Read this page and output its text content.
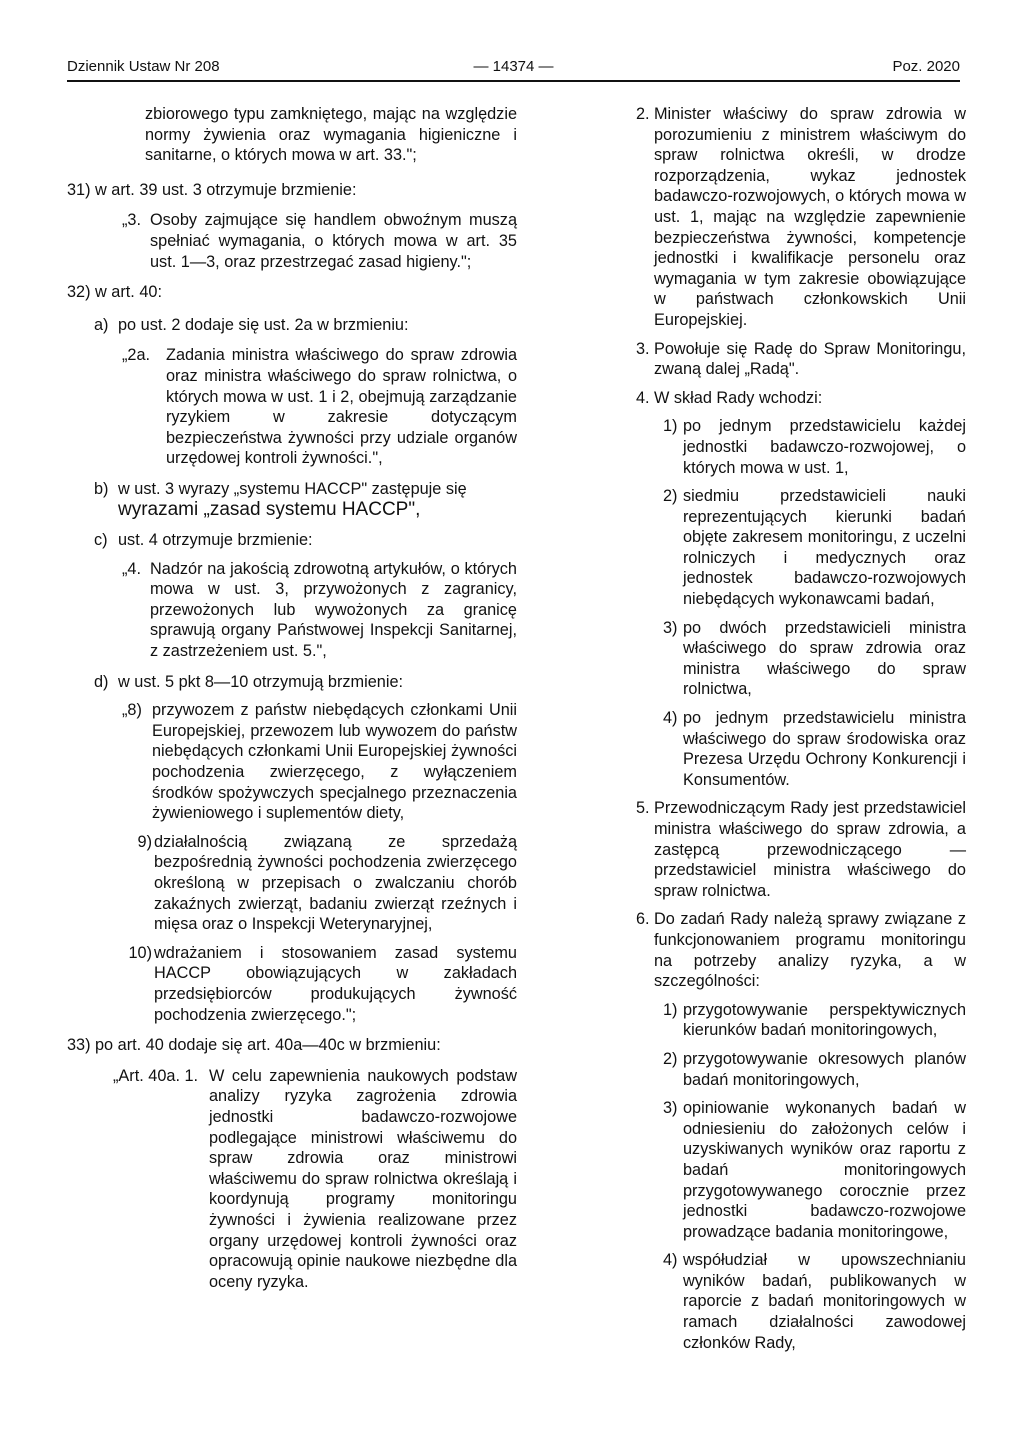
Dziennik Ustaw Nr 208	— 14374 —	Poz. 2020

zbiorowego typu zamkniętego, mając na względzie normy żywienia oraz wymagania higieniczne i sanitarne, o których mowa w art. 33.";

31) w art. 39 ust. 3 otrzymuje brzmienie:
„3. Osoby zajmujące się handlem obwoźnym muszą spełniać wymagania, o których mowa w art. 35 ust. 1—3, oraz przestrzegać zasad higieny.";
32) w art. 40:
a) po ust. 2 dodaje się ust. 2a w brzmieniu:
„2a. Zadania ministra właściwego do spraw zdrowia oraz ministra właściwego do spraw rolnictwa, o których mowa w ust. 1 i 2, obejmują zarządzanie ryzykiem w zakresie dotyczącym bezpieczeństwa żywności przy udziale organów urzędowej kontroli żywności.",
b) w ust. 3 wyrazy „systemu HACCP" zastępuje się
wyrazami „zasad systemu HACCP",
c) ust. 4 otrzymuje brzmienie:
„4. Nadzór na jakością zdrowotną artykułów, o których mowa w ust. 3, przywożonych z zagranicy, przewożonych lub wywożonych za granicę sprawują organy Państwowej Inspekcji Sanitarnej, z zastrzeżeniem ust. 5.",
d) w ust. 5 pkt 8—10 otrzymują brzmienie:
„8) przywozem z państw niebędących członkami Unii Europejskiej, przewozem lub wywozem do państw niebędących członkami Unii Europejskiej żywności pochodzenia zwierzęcego, z wyłączeniem środków spożywczych specjalnego przeznaczenia żywieniowego i suplementów diety,
9) działalnością związaną ze sprzedażą bezpośrednią żywności pochodzenia zwierzęcego określoną w przepisach o zwalczaniu chorób zakaźnych zwierząt, badaniu zwierząt rzeźnych i mięsa oraz o Inspekcji Weterynaryjnej,
10) wdrażaniem i stosowaniem zasad systemu HACCP obowiązujących w zakładach przedsiębiorców produkujących żywność pochodzenia zwierzęcego.";
33) po art. 40 dodaje się art. 40a—40c w brzmieniu:
„Art. 40a. 1. W celu zapewnienia naukowych podstaw analizy ryzyka zagrożenia zdrowia jednostki badawczo-rozwojowe podlegające ministrowi właściwemu do spraw zdrowia oraz ministrowi właściwemu do spraw rolnictwa określają i koordynują programy monitoringu żywności i żywienia realizowane przez organy urzędowej kontroli żywności oraz opracowują opinie naukowe niezbędne dla oceny ryzyka.
2. Minister właściwy do spraw zdrowia w porozumieniu z ministrem właściwym do spraw rolnictwa określi, w drodze rozporządzenia, wykaz jednostek badawczo-rozwojowych, o których mowa w ust. 1, mając na względzie zapewnienie bezpieczeństwa żywności, kompetencje jednostki i kwalifikacje personelu oraz wymagania w tym zakresie obowiązujące w państwach członkowskich Unii Europejskiej.
3. Powołuje się Radę do Spraw Monitoringu, zwaną dalej „Radą".
4. W skład Rady wchodzi:
1) po jednym przedstawicielu każdej jednostki badawczo-rozwojowej, o których mowa w ust. 1,
2) siedmiu przedstawicieli nauki reprezentujących kierunki badań objęte zakresem monitoringu, z uczelni rolniczych i medycznych oraz jednostek badawczo-rozwojowych niebędących wykonawcami badań,
3) po dwóch przedstawicieli ministra właściwego do spraw zdrowia oraz ministra właściwego do spraw rolnictwa,
4) po jednym przedstawicielu ministra właściwego do spraw środowiska oraz Prezesa Urzędu Ochrony Konkurencji i Konsumentów.
5. Przewodniczącym Rady jest przedstawiciel ministra właściwego do spraw zdrowia, a zastępcą przewodniczącego — przedstawiciel ministra właściwego do spraw rolnictwa.
6. Do zadań Rady należą sprawy związane z funkcjonowaniem programu monitoringu na potrzeby analizy ryzyka, a w szczególności:
1) przygotowywanie perspektywicznych kierunków badań monitoringowych,
2) przygotowywanie okresowych planów badań monitoringowych,
3) opiniowanie wykonanych badań w odniesieniu do założonych celów i uzyskiwanych wyników oraz raportu z badań monitoringowych przygotowywanego corocznie przez jednostki badawczo-rozwojowe prowadzące badania monitoringowe,
4) współudział w upowszechnianiu wyników badań, publikowanych w raporcie z badań monitoringowych w ramach działalności zawodowej członków Rady,
